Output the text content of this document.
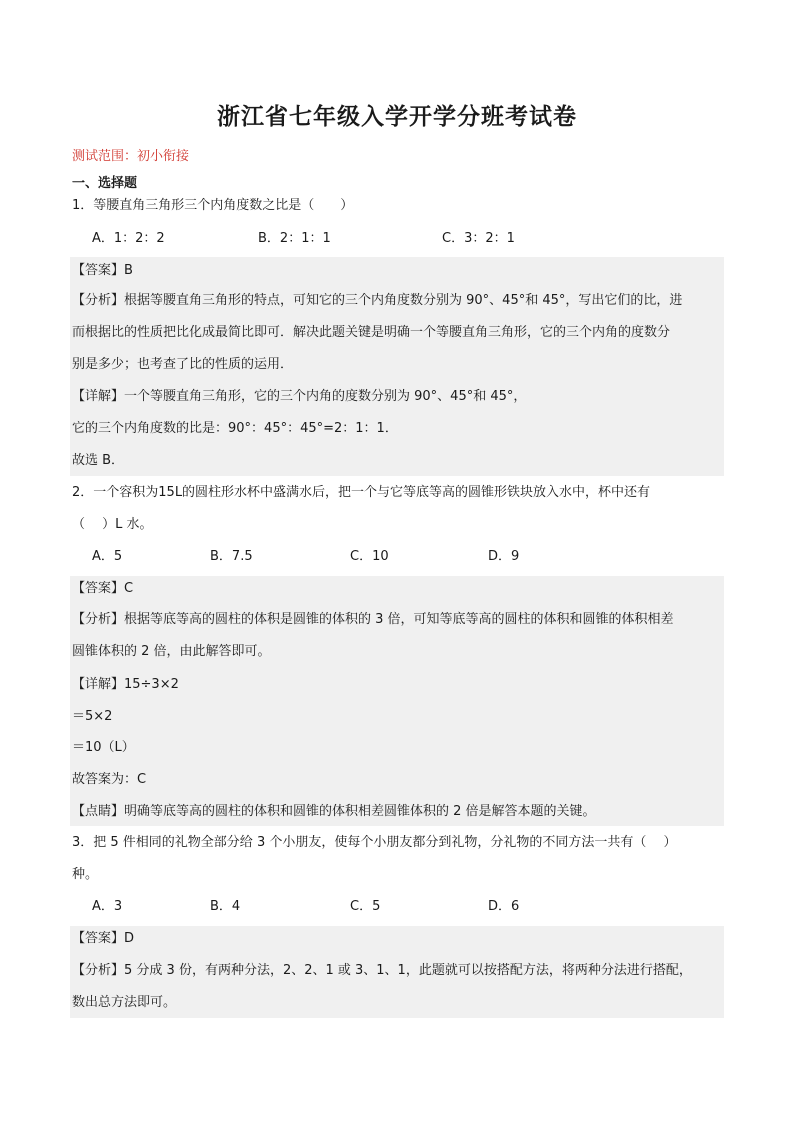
浙江省七年级入学开学分班考试卷
测试范围：初小衔接
一、选择题
1．等腰直角三角形三个内角度数之比是（　　）
A．1：2：2	B．2：1：1	C．3：2：1
【答案】B
【分析】根据等腰直角三角形的特点，可知它的三个内角度数分别为 90°、45°和 45°，写出它们的比，进
而根据比的性质把比化成最简比即可．解决此题关键是明确一个等腰直角三角形，它的三个内角的度数分
别是多少；也考查了比的性质的运用．
【详解】一个等腰直角三角形，它的三个内角的度数分别为 90°、45°和 45°，
它的三个内角度数的比是：90°：45°：45°=2：1：1．
故选 B．
2．一个容积为15L的圆柱形水杯中盛满水后，把一个与它等底等高的圆锥形铁块放入水中，杯中还有
（　 ）L 水。
A．5	B．7.5	C．10	D．9
【答案】C
【分析】根据等底等高的圆柱的体积是圆锥的体积的 3 倍，可知等底等高的圆柱的体积和圆锥的体积相差
圆锥体积的 2 倍，由此解答即可。
【详解】15÷3×2
＝5×2
＝10（L）
故答案为：C
【点睛】明确等底等高的圆柱的体积和圆锥的体积相差圆锥体积的 2 倍是解答本题的关键。
3．把 5 件相同的礼物全部分给 3 个小朋友，使每个小朋友都分到礼物，分礼物的不同方法一共有（　 ）
种。
A．3	B．4	C．5	D．6
【答案】D
【分析】5 分成 3 份，有两种分法，2、2、1 或 3、1、1，此题就可以按搭配方法，将两种分法进行搭配，
数出总方法即可。
